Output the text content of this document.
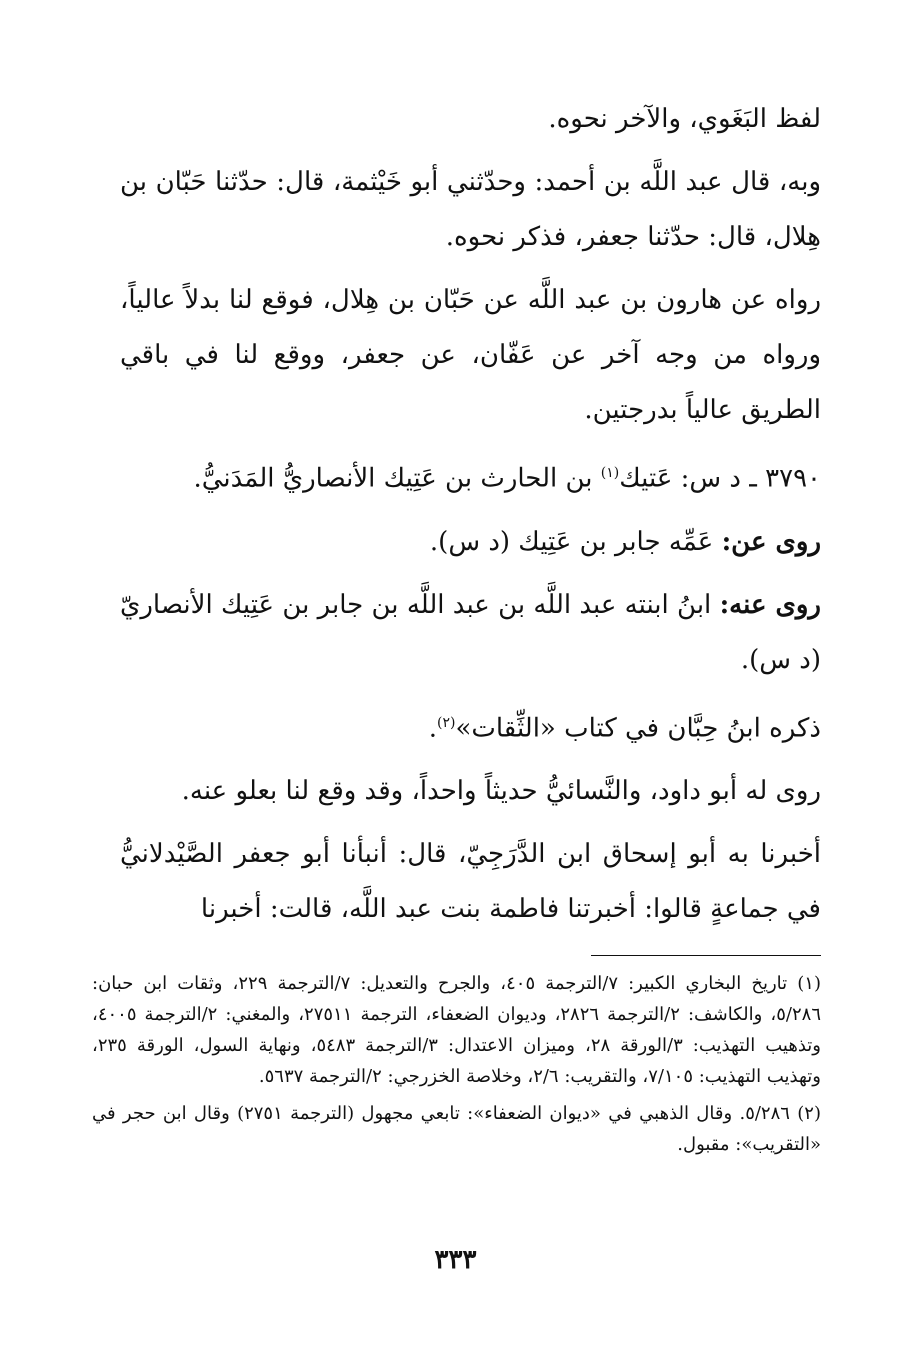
لفظ البَغَوي، والآخر نحوه.

وبه، قال عبد اللَّه بن أحمد: وحدّثني أبو خَيْثمة، قال: حدّثنا حَبّان بن هِلال، قال: حدّثنا جعفر، فذكر نحوه.

رواه عن هارون بن عبد اللَّه عن حَبّان بن هِلال، فوقع لنا بدلاً عالياً، ورواه من وجه آخر عن عَفّان، عن جعفر، ووقع لنا في باقي الطريق عالياً بدرجتين.

٣٧٩٠ ـ د س: عَتيك$^{(١)}$ بن الحارث بن عَتِيك الأنصاريُّ المَدَنيُّ.

روى عن: عَمِّه جابر بن عَتِيك (د س).

روى عنه: ابنُ ابنته عبد اللَّه بن عبد اللَّه بن جابر بن عَتِيك الأنصاريّ (د س).

ذكره ابنُ حِبَّان في كتاب «الثِّقات»$^{(٢)}$.

روى له أبو داود، والنَّسائيُّ حديثاً واحداً، وقد وقع لنا بعلو عنه.

أخبرنا به أبو إسحاق ابن الدَّرَجِيّ، قال: أنبأنا أبو جعفر الصَّيْدلانيُّ في جماعةٍ قالوا: أخبرتنا فاطمة بنت عبد اللَّه، قالت: أخبرنا

(١) تاريخ البخاري الكبير: ٧/الترجمة ٤٠٥، والجرح والتعديل: ٧/الترجمة ٢٢٩، وثقات ابن حبان: ٥/٢٨٦، والكاشف: ٢/الترجمة ٢٨٢٦، وديوان الضعفاء، الترجمة ٢٧٥١١، والمغني: ٢/الترجمة ٤٠٠٥، وتذهيب التهذيب: ٣/الورقة ٢٨، وميزان الاعتدال: ٣/الترجمة ٥٤٨٣، ونهاية السول، الورقة ٢٣٥، وتهذيب التهذيب: ٧/١٠٥، والتقريب: ٢/٦، وخلاصة الخزرجي: ٢/الترجمة ٥٦٣٧.

(٢) ٥/٢٨٦. وقال الذهبي في «ديوان الضعفاء»: تابعي مجهول (الترجمة ٢٧٥١) وقال ابن حجر في «التقريب»: مقبول.

٣٣٣
